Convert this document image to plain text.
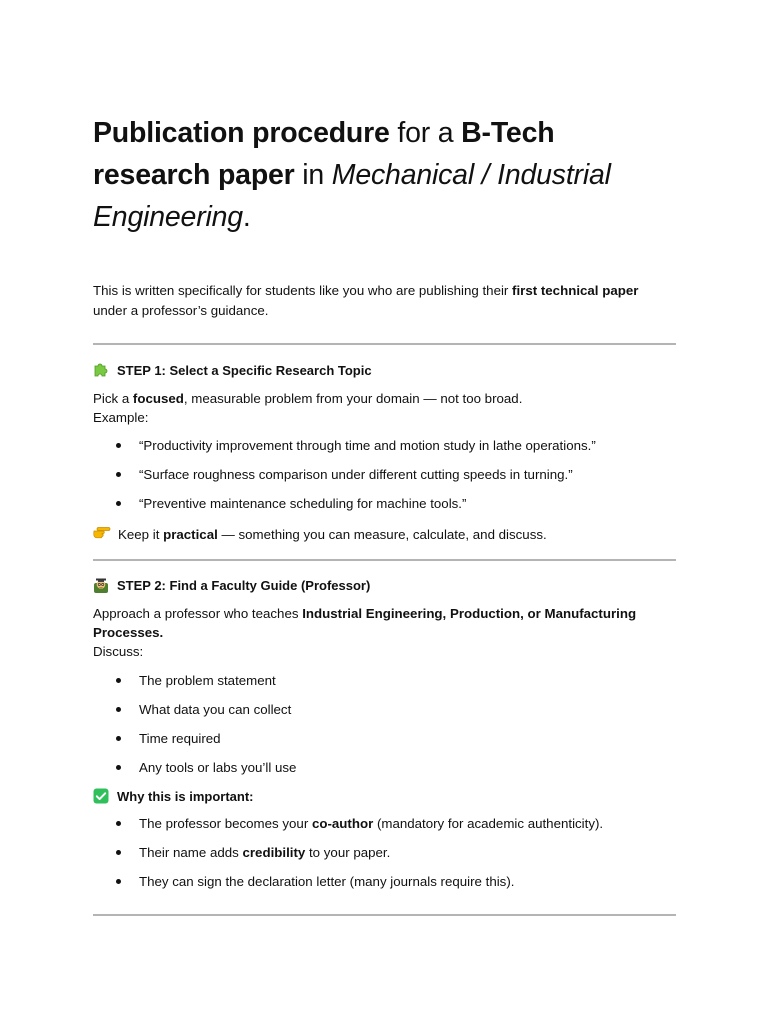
Publication procedure for a B-Tech research paper in Mechanical / Industrial Engineering.

This is written specifically for students like you who are publishing their first technical paper under a professor’s guidance.

STEP 1: Select a Specific Research Topic

Pick a focused, measurable problem from your domain — not too broad.

Example:

“Productivity improvement through time and motion study in lathe operations.”
“Surface roughness comparison under different cutting speeds in turning.”
“Preventive maintenance scheduling for machine tools.”
Keep it practical — something you can measure, calculate, and discuss.
STEP 2: Find a Faculty Guide (Professor)

Approach a professor who teaches Industrial Engineering, Production, or Manufacturing Processes.

Discuss:

The problem statement
What data you can collect
Time required
Any tools or labs you’ll use
Why this is important:
The professor becomes your co-author (mandatory for academic authenticity).
Their name adds credibility to your paper.
They can sign the declaration letter (many journals require this).
